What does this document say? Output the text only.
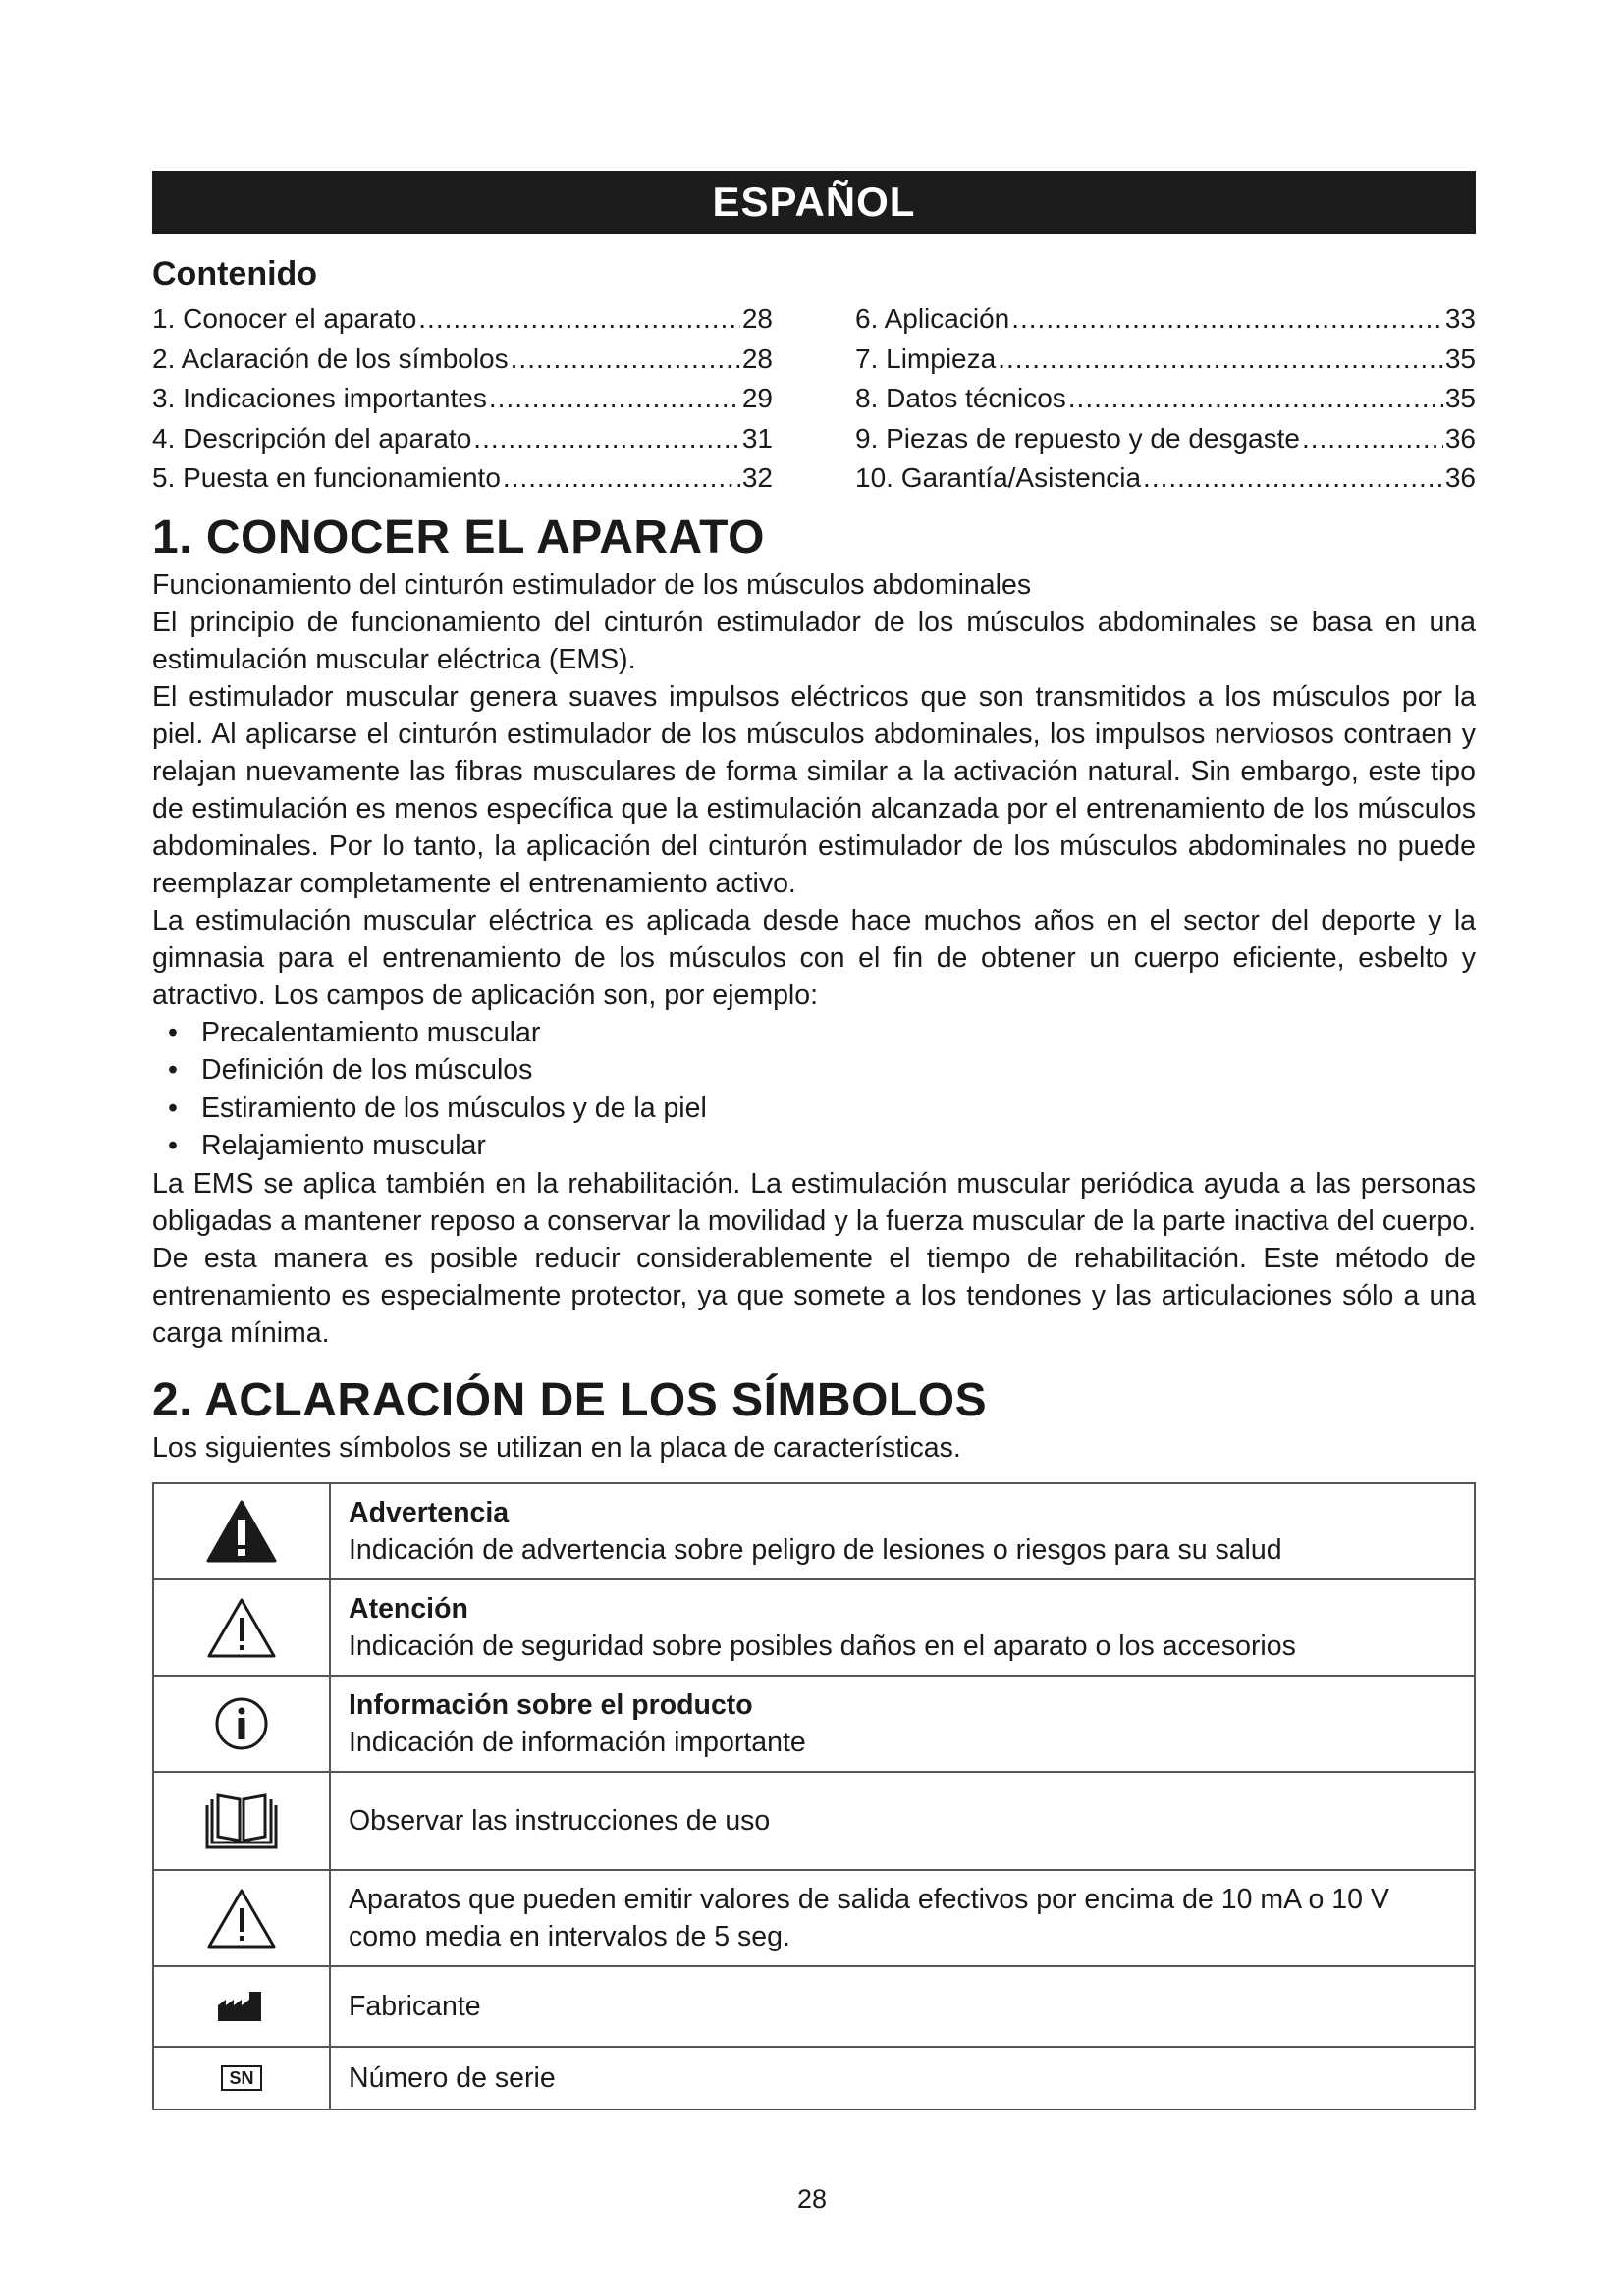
ESPAÑOL
Contenido
1. Conocer el aparato .....	28
2. Aclaración de los símbolos .....	28
3. Indicaciones importantes .....	29
4. Descripción del aparato .....	31
5. Puesta en funcionamiento .....	32
6. Aplicación .....	33
7. Limpieza .....	35
8. Datos técnicos .....	35
9. Piezas de repuesto y de desgaste .....	36
10. Garantía/Asistencia .....	36
1. CONOCER EL APARATO

Funcionamiento del cinturón estimulador de los músculos abdominales

El principio de funcionamiento del cinturón estimulador de los músculos abdominales se basa en una estimulación muscular eléctrica (EMS).

El estimulador muscular genera suaves impulsos eléctricos que son transmitidos a los músculos por la piel. Al aplicarse el cinturón estimulador de los músculos abdominales, los impulsos nerviosos contraen y relajan nuevamente las fibras musculares de forma similar a la activación natural. Sin embargo, este tipo de estimulación es menos específica que la estimulación alcanzada por el entrenamiento de los músculos abdominales. Por lo tanto, la aplicación del cinturón estimulador de los músculos abdominales no puede reemplazar completamente el entrenamiento activo.

La estimulación muscular eléctrica es aplicada desde hace muchos años en el sector del deporte y la gimnasia para el entrenamiento de los músculos con el fin de obtener un cuerpo eficiente, esbelto y atractivo. Los campos de aplicación son, por ejemplo:

• Precalentamiento muscular
• Definición de los músculos
• Estiramiento de los músculos y de la piel
• Relajamiento muscular

La EMS se aplica también en la rehabilitación. La estimulación muscular periódica ayuda a las personas obligadas a mantener reposo a conservar la movilidad y la fuerza muscular de la parte inactiva del cuerpo. De esta manera es posible reducir considerablemente el tiempo de rehabilitación. Este método de entrenamiento es especialmente protector, ya que somete a los tendones y las articulaciones sólo a una carga mínima.

2. ACLARACIÓN DE LOS SÍMBOLOS

Los siguientes símbolos se utilizan en la placa de características.

Advertencia
Indicación de advertencia sobre peligro de lesiones o riesgos para su salud

Atención
Indicación de seguridad sobre posibles daños en el aparato o los accesorios

Información sobre el producto
Indicación de información importante

Observar las instrucciones de uso

Aparatos que pueden emitir valores de salida efectivos por encima de 10 mA o 10 V como media en intervalos de 5 seg.

Fabricante

SN	Número de serie
28
